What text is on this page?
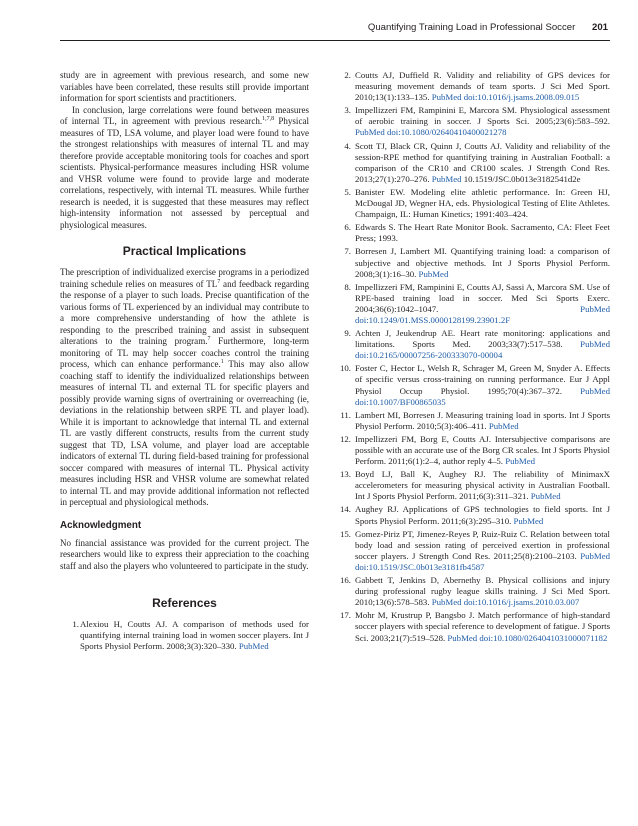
Quantifying Training Load in Professional Soccer 201

study are in agreement with previous research, and some new variables have been correlated, these results still provide important information for sport scientists and practitioners.

In conclusion, large correlations were found between measures of internal TL, in agreement with previous research.$^{1,7,8}$ Physical measures of TD, LSA volume, and player load were found to have the strongest relationships with measures of internal TL and may therefore provide acceptable monitoring tools for coaches and sport scientists. Physical-performance measures including HSR volume and VHSR volume were found to provide large and moderate correlations, respectively, with internal TL measures. While further research is needed, it is suggested that these measures may reflect high-intensity information not assessed by perceptual and physiological measures.

Practical Implications

The prescription of individualized exercise programs in a periodized training schedule relies on measures of $TL^7$ and feedback regarding the response of a player to such loads. Precise quantification of the various forms of TL experienced by an individual may contribute to a more comprehensive understanding of how the athlete is responding to the prescribed training and assist in subsequent alterations to the training program.$^7$ Furthermore, long-term monitoring of TL may help soccer coaches control the training process, which can enhance performance.$^1$ This may also allow coaching staff to identify the individualized relationships between measures of internal TL and external TL for specific players and possibly provide warning signs of overtraining or overreaching (ie, deviations in the relationship between sRPE TL and player load). While it is important to acknowledge that internal TL and external TL are vastly different constructs, results from the current study suggest that TD, LSA volume, and player load are acceptable indicators of external TL during field-based training for professional soccer compared with measures of internal TL. Physical activity measures including HSR and VHSR volume are somewhat related to internal TL and may provide additional information not reflected in perceptual and physiological methods.

Acknowledgment

No financial assistance was provided for the current project. The researchers would like to express their appreciation to the coaching staff and also the players who volunteered to participate in the study.

References
1. Alexiou H, Coutts AJ. A comparison of methods used for quantifying internal training load in women soccer players. Int J Sports Physiol Perform. 2008;3(3):320–330. PubMed
2. Coutts AJ, Duffield R. Validity and reliability of GPS devices for measuring movement demands of team sports. J Sci Med Sport. 2010;13(1):133–135. PubMed doi:10.1016/j.jsams.2008.09.015
3. Impellizzeri FM, Rampinini E, Marcora SM. Physiological assessment of aerobic training in soccer. J Sports Sci. 2005;23(6):583–592. PubMed doi:10.1080/02640410400021278
4. Scott TJ, Black CR, Quinn J, Coutts AJ. Validity and reliability of the session-RPE method for quantifying training in Australian Football: a comparison of the CR10 and CR100 scales. J Strength Cond Res. 2013;27(1):270–276. PubMed 10.1519/JSC.0b013e3182541d2e
5. Banister EW. Modeling elite athletic performance. In: Green HJ, McDougal JD, Wegner HA, eds. Physiological Testing of Elite Athletes. Champaign, IL: Human Kinetics; 1991:403–424.
6. Edwards S. The Heart Rate Monitor Book. Sacramento, CA: Fleet Feet Press; 1993.
7. Borresen J, Lambert MI. Quantifying training load: a comparison of subjective and objective methods. Int J Sports Physiol Perform. 2008;3(1):16–30. PubMed
8. Impellizzeri FM, Rampinini E, Coutts AJ, Sassi A, Marcora SM. Use of RPE-based training load in soccer. Med Sci Sports Exerc. 2004;36(6):1042–1047.	PubMed doi:10.1249/01.MSS.0000128199.23901.2F
9. Achten J, Jeukendrup AE. Heart rate monitoring: applications and limitations. Sports Med. 2003;33(7):517–538. PubMed doi:10.2165/00007256-200333070-00004
10. Foster C, Hector L, Welsh R, Schrager M, Green M, Snyder A. Effects of specific versus cross-training on running performance. Eur J Appl Physiol Occup Physiol. 1995;70(4):367–372. PubMed doi:10.1007/BF00865035
11. Lambert MI, Borresen J. Measuring training load in sports. Int J Sports Physiol Perform. 2010;5(3):406–411. PubMed
12. Impellizzeri FM, Borg E, Coutts AJ. Intersubjective comparisons are possible with an accurate use of the Borg CR scales. Int J Sports Physiol Perform. 2011;6(1):2–4, author reply 4–5. PubMed
13. Boyd LJ, Ball K, Aughey RJ. The reliability of MinimaxX accelerometers for measuring physical activity in Australian Football. Int J Sports Physiol Perform. 2011;6(3):311–321. PubMed
14. Aughey RJ. Applications of GPS technologies to field sports. Int J Sports Physiol Perform. 2011;6(3):295–310. PubMed
15. Gomez-Piriz PT, Jimenez-Reyes P, Ruiz-Ruiz C. Relation between total body load and session rating of perceived exertion in professional soccer players. J Strength Cond Res. 2011;25(8):2100–2103. PubMed doi:10.1519/JSC.0b013e3181fb4587
16. Gabbett T, Jenkins D, Abernethy B. Physical collisions and injury during professional rugby league skills training. J Sci Med Sport. 2010;13(6):578–583. PubMed doi:10.1016/j.jsams.2010.03.007
17. Mohr M, Krustrup P, Bangsbo J. Match performance of high-standard soccer players with special reference to development of fatigue. J Sports Sci. 2003;21(7):519–528. PubMed doi:10.1080/0264041031000071182
